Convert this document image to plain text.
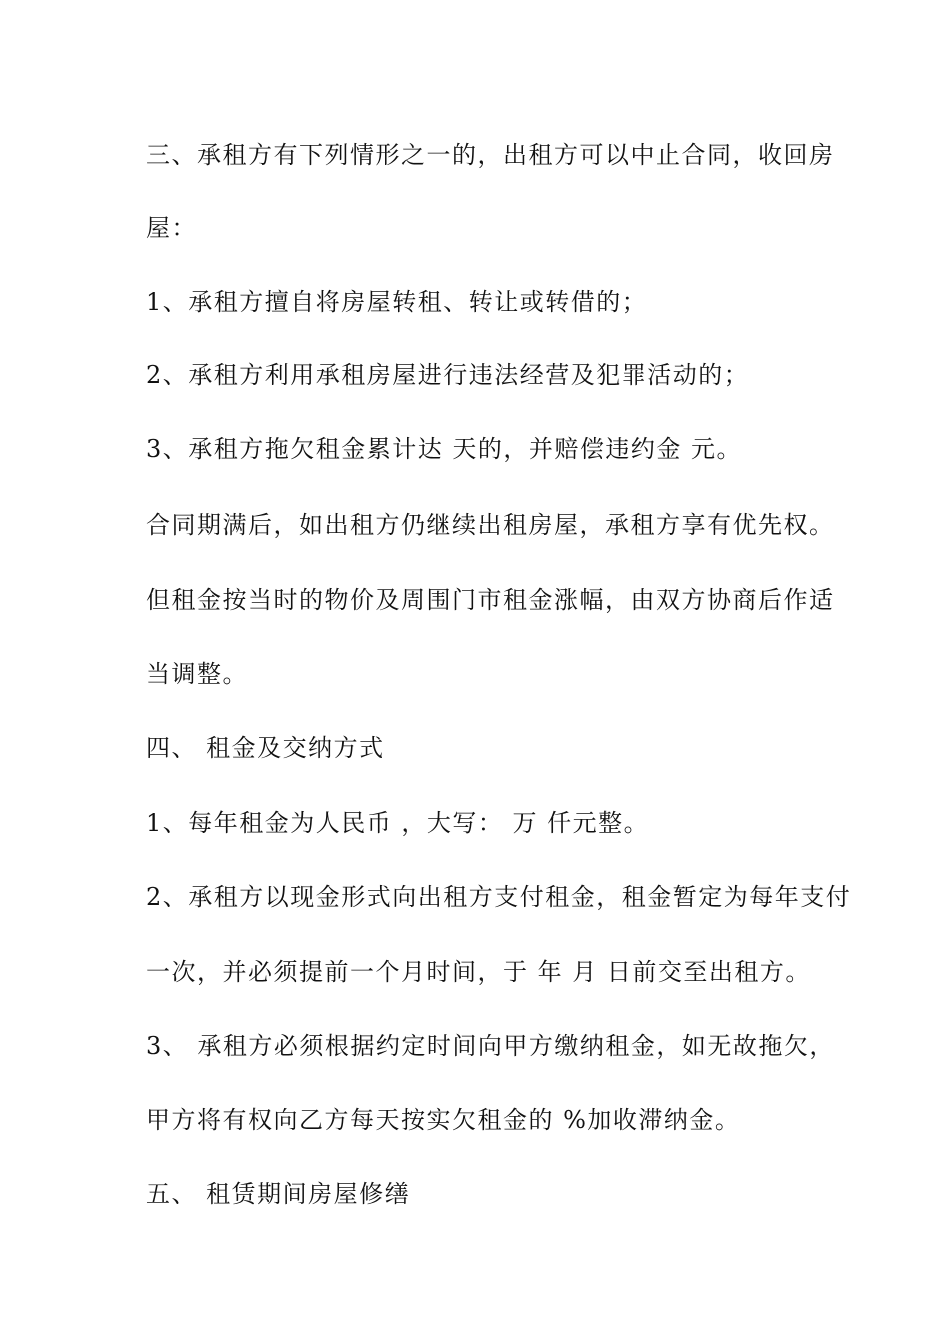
三、承租方有下列情形之一的，出租方可以中止合同，收回房
屋：
1、承租方擅自将房屋转租、转让或转借的；
2、承租方利用承租房屋进行违法经营及犯罪活动的；
3、承租方拖欠租金累计达 天的，并赔偿违约金 元。
合同期满后，如出租方仍继续出租房屋，承租方享有优先权。
但租金按当时的物价及周围门市租金涨幅，由双方协商后作适
当调整。
四、 租金及交纳方式
1、每年租金为人民币 ，大写： 万 仟元整。
2、承租方以现金形式向出租方支付租金，租金暂定为每年支付
一次，并必须提前一个月时间，于 年 月 日前交至出租方。
3、 承租方必须根据约定时间向甲方缴纳租金，如无故拖欠，
甲方将有权向乙方每天按实欠租金的 %加收滞纳金。
五、 租赁期间房屋修缮
